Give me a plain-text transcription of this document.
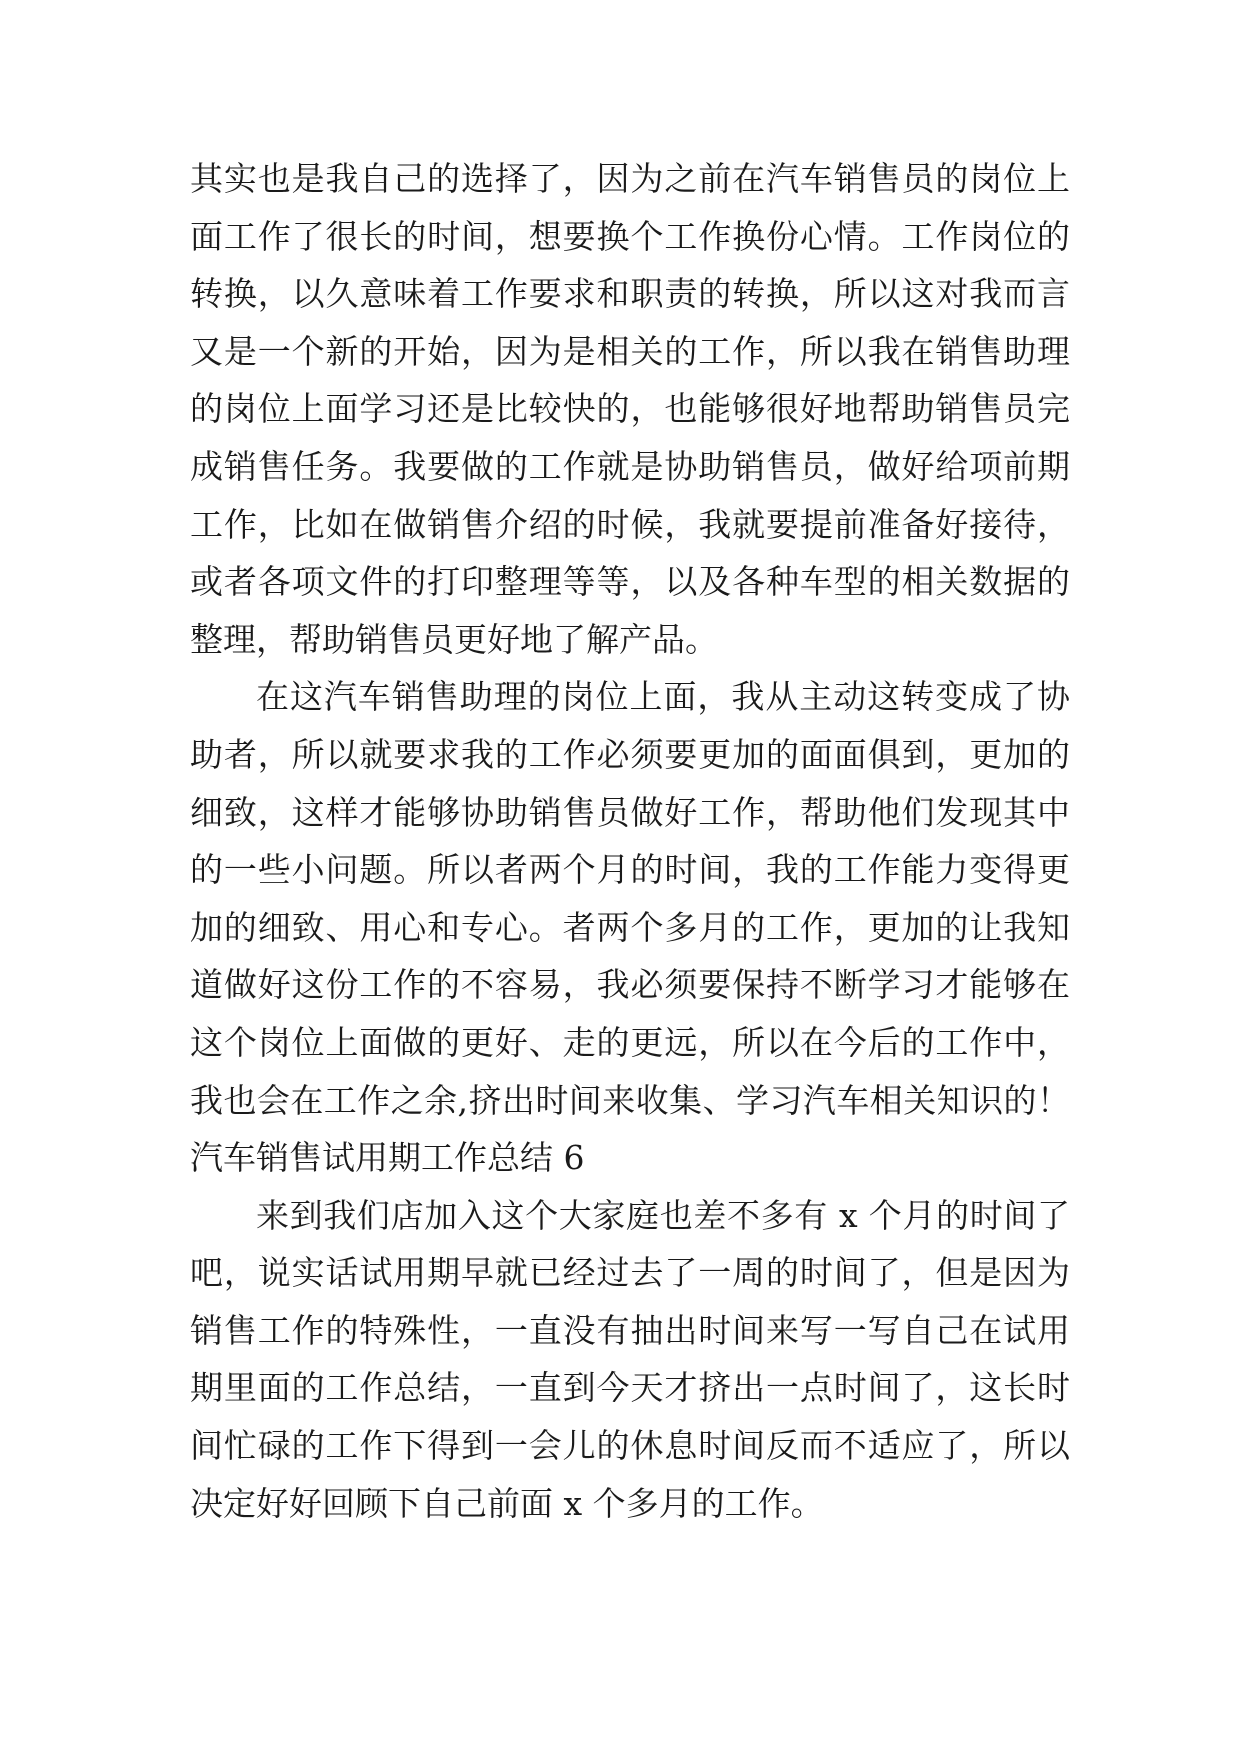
其实也是我自己的选择了，因为之前在汽车销售员的岗位上
面工作了很长的时间，想要换个工作换份心情。工作岗位的
转换，以久意味着工作要求和职责的转换，所以这对我而言
又是一个新的开始，因为是相关的工作，所以我在销售助理
的岗位上面学习还是比较快的，也能够很好地帮助销售员完
成销售任务。我要做的工作就是协助销售员，做好给项前期
工作，比如在做销售介绍的时候，我就要提前准备好接待，
或者各项文件的打印整理等等，以及各种车型的相关数据的
整理，帮助销售员更好地了解产品。
在这汽车销售助理的岗位上面，我从主动这转变成了协
助者，所以就要求我的工作必须要更加的面面俱到，更加的
细致，这样才能够协助销售员做好工作，帮助他们发现其中
的一些小问题。所以者两个月的时间，我的工作能力变得更
加的细致、用心和专心。者两个多月的工作，更加的让我知
道做好这份工作的不容易，我必须要保持不断学习才能够在
这个岗位上面做的更好、走的更远，所以在今后的工作中，
我也会在工作之余,挤出时间来收集、学习汽车相关知识的！
汽车销售试用期工作总结 6
来到我们店加入这个大家庭也差不多有 x 个月的时间了
吧，说实话试用期早就已经过去了一周的时间了，但是因为
销售工作的特殊性，一直没有抽出时间来写一写自己在试用
期里面的工作总结，一直到今天才挤出一点时间了，这长时
间忙碌的工作下得到一会儿的休息时间反而不适应了，所以
决定好好回顾下自己前面 x 个多月的工作。
